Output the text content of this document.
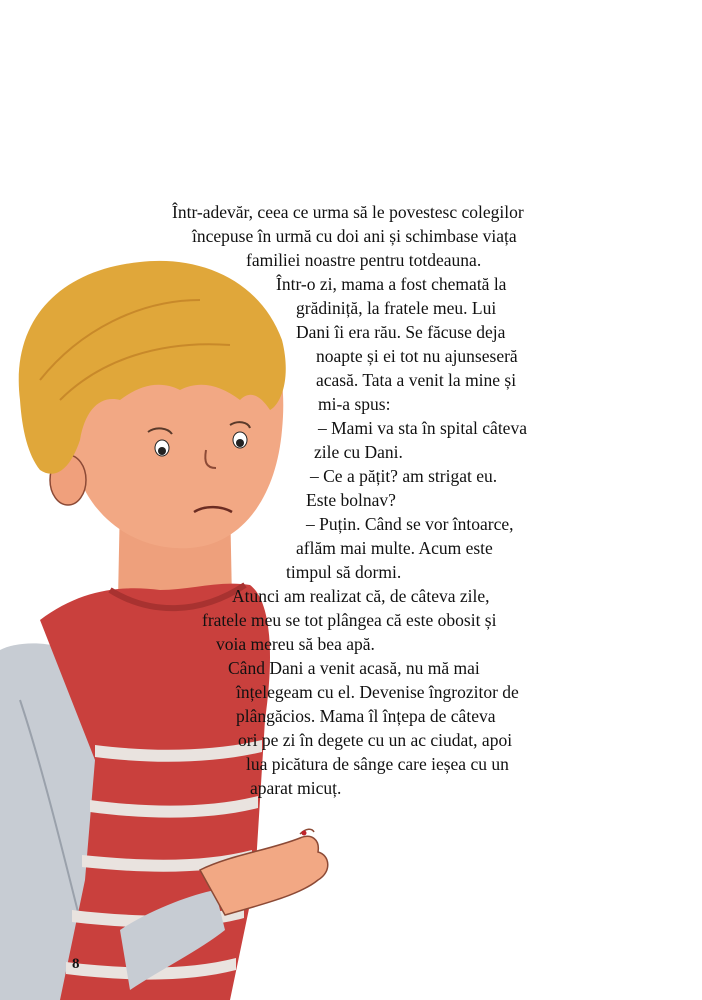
Într-adevăr, ceea ce urma să le povestesc colegilor
începuse în urmă cu doi ani și schimbase viața
familiei noastre pentru totdeauna.
Într-o zi, mama a fost chemată la
grădiniță, la fratele meu. Lui
Dani îi era rău. Se făcuse deja
noapte și ei tot nu ajunseseră
acasă. Tata a venit la mine și
mi-a spus:
– Mami va sta în spital câteva
zile cu Dani.
– Ce a pățit? am strigat eu.
Este bolnav?
– Puțin. Când se vor întoarce,
aflăm mai multe. Acum este
timpul să dormi.
Atunci am realizat că, de câteva zile,
fratele meu se tot plângea că este obosit și
voia mereu să bea apă.
Când Dani a venit acasă, nu mă mai
înțelegeam cu el. Devenise îngrozitor de
plângăcios. Mama îl înțepa de câteva
ori pe zi în degete cu un ac ciudat, apoi
lua picătura de sânge care ieșea cu un
aparat micuț.
8
